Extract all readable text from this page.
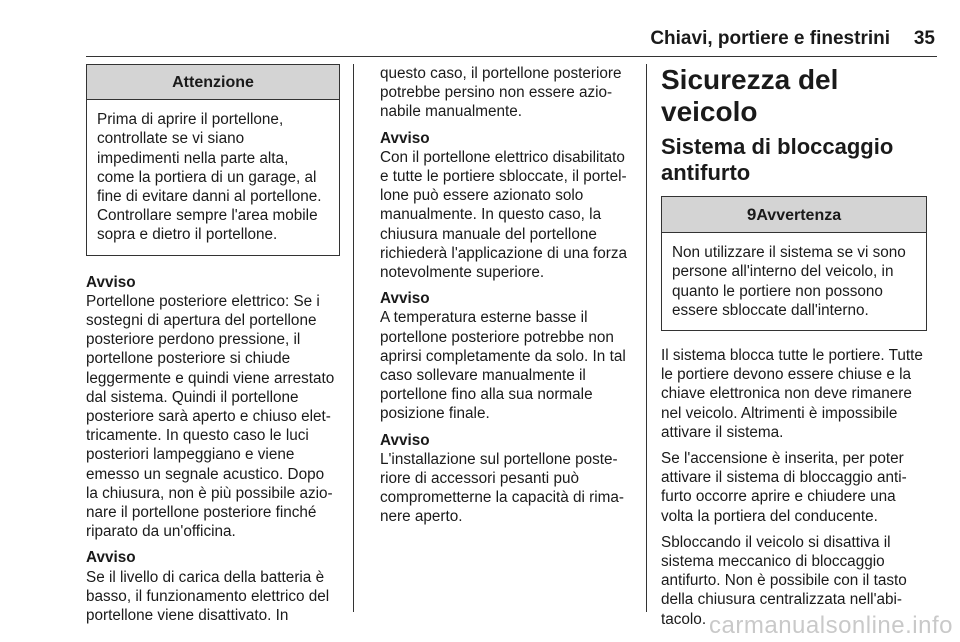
Chiavi, portiere e finestrini	35
Attenzione
Prima di aprire il portellone, controllate se vi siano impedimenti nella parte alta, come la portiera di un garage, al fine di evitare danni al portellone. Controllare sempre l'area mobile sopra e dietro il portellone.

Avviso

Portellone posteriore elettrico: Se i sostegni di apertura del portellone posteriore perdono pressione, il portellone posteriore si chiude leggermente e quindi viene arrestato dal sistema. Quindi il portellone posteriore sarà aperto e chiuso elet- tricamente. In questo caso le luci posteriori lampeggiano e viene emesso un segnale acustico. Dopo la chiusura, non è più possibile azio- nare il portellone posteriore finché riparato da un'officina.

Avviso

Se il livello di carica della batteria è basso, il funzionamento elettrico del portellone viene disattivato. In

questo caso, il portellone posteriore potrebbe persino non essere azio- nabile manualmente.

Avviso

Con il portellone elettrico disabilitato e tutte le portiere sbloccate, il portel- lone può essere azionato solo manualmente. In questo caso, la chiusura manuale del portellone richiederà l'applicazione di una forza notevolmente superiore.

Avviso

A temperatura esterne basse il portellone posteriore potrebbe non aprirsi completamente da solo. In tal caso sollevare manualmente il portellone fino alla sua normale posizione finale.

Avviso

L'installazione sul portellone poste- riore di accessori pesanti può comprometterne la capacità di rima- nere aperto.

Sicurezza del veicolo
Sistema di bloccaggio antifurto
9Avvertenza
Non utilizzare il sistema se vi sono persone all'interno del veicolo, in quanto le portiere non possono essere sbloccate dall'interno.

Il sistema blocca tutte le portiere. Tutte le portiere devono essere chiuse e la chiave elettronica non deve rimanere nel veicolo. Altrimenti è impossibile attivare il sistema.

Se l'accensione è inserita, per poter attivare il sistema di bloccaggio anti- furto occorre aprire e chiudere una volta la portiera del conducente.

Sbloccando il veicolo si disattiva il sistema meccanico di bloccaggio antifurto. Non è possibile con il tasto della chiusura centralizzata nell'abi- tacolo. carmanualsonline.info
